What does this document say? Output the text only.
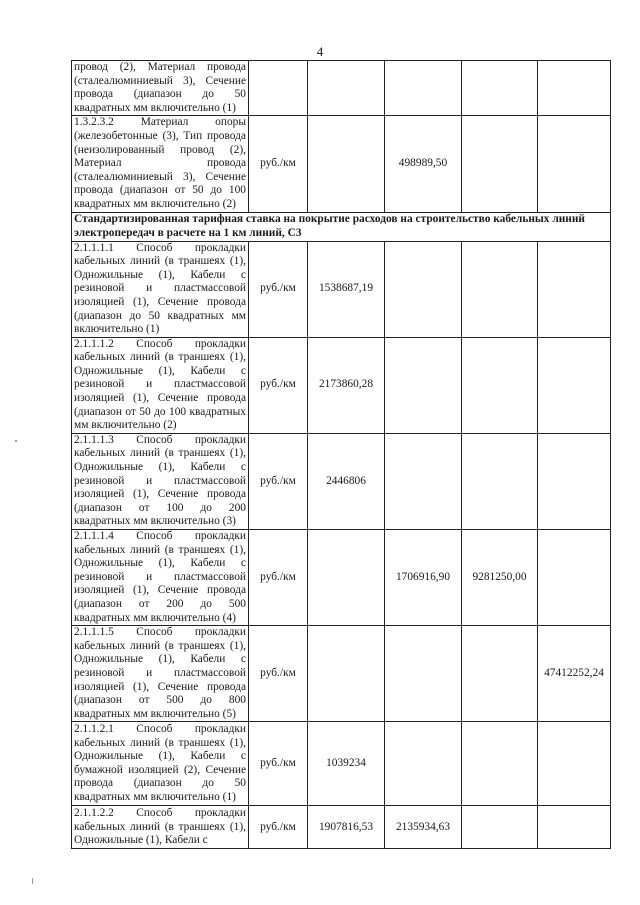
4
провод (2), Материал провода (сталеалюминиевый 3), Сечение провода (диапазон до 50 квадратных мм включительно (1)					
1.3.2.3.2 Материал опоры (железобетонные (3), Тип провода (неизолированный провод (2), Материал провода (сталеалюминиевый 3), Сечение провода (диапазон от 50 до 100 квадратных мм включительно (2)	руб./км		498989,50		
Стандартизированная тарифная ставка на покрытие расходов на строительство кабельных линий электропередач в расчете на 1 км линий, С3					
2.1.1.1.1 Способ прокладки кабельных линий (в траншеях (1), Одножильные (1), Кабели с резиновой и пластмассовой изоляцией (1), Сечение провода (диапазон до 50 квадратных мм включительно (1)	руб./км	1538687,19			
2.1.1.1.2 Способ прокладки кабельных линий (в траншеях (1), Одножильные (1), Кабели с резиновой и пластмассовой изоляцией (1), Сечение провода (диапазон от 50 до 100 квадратных мм включительно (2)	руб./км	2173860,28			
2.1.1.1.3 Способ прокладки кабельных линий (в траншеях (1), Одножильные (1), Кабели с резиновой и пластмассовой изоляцией (1), Сечение провода (диапазон от 100 до 200 квадратных мм включительно (3)	руб./км	2446806			
2.1.1.1.4 Способ прокладки кабельных линий (в траншеях (1), Одножильные (1), Кабели с резиновой и пластмассовой изоляцией (1), Сечение провода (диапазон от 200 до 500 квадратных мм включительно (4)	руб./км		1706916,90	9281250,00	
2.1.1.1.5 Способ прокладки кабельных линий (в траншеях (1), Одножильные (1), Кабели с резиновой и пластмассовой изоляцией (1), Сечение провода (диапазон от 500 до 800 квадратных мм включительно (5)	руб./км				47412252,24
2.1.1.2.1 Способ прокладки кабельных линий (в траншеях (1), Одножильные (1), Кабели с бумажной изоляцией (2), Сечение провода (диапазон до 50 квадратных мм включительно (1)	руб./км	1039234			
2.1.1.2.2 Способ прокладки кабельных линий (в траншеях (1), Одножильные (1), Кабели с	руб./км	1907816,53	2135934,63		
